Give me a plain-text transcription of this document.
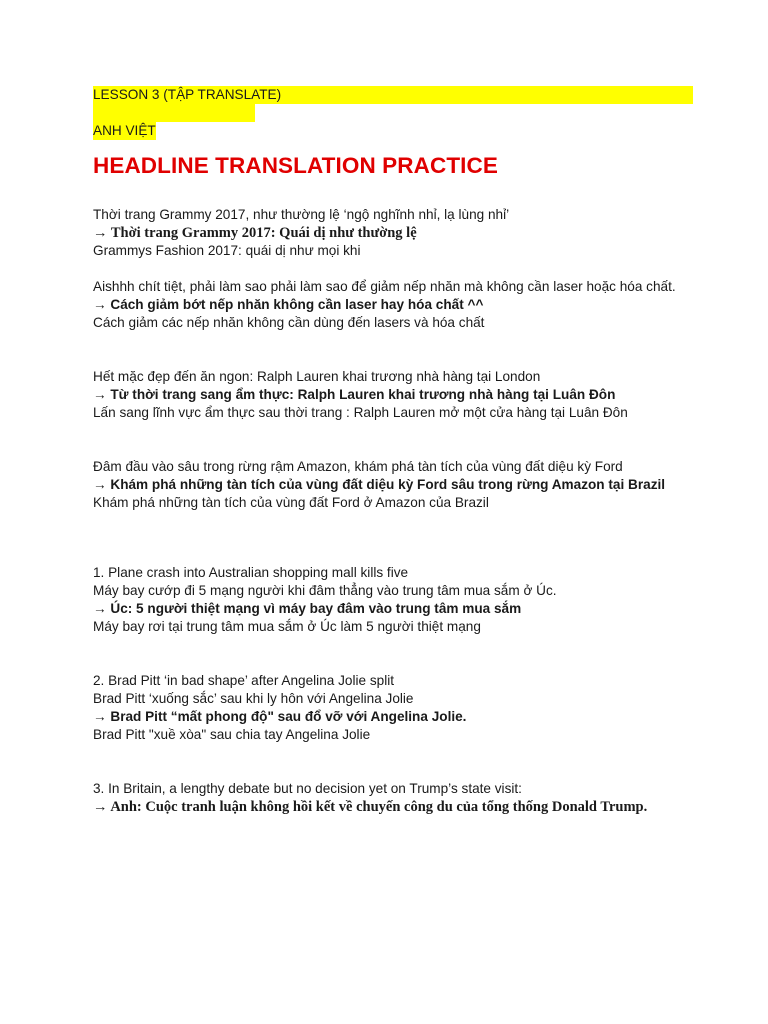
LESSON 3 (TẬP TRANSLATE)
ANH VIỆT
HEADLINE TRANSLATION PRACTICE
Thời trang Grammy 2017, như thường lệ ‘ngộ nghĩnh nhỉ, lạ lùng nhỉ’
→ Thời trang Grammy 2017: Quái dị như thường lệ
Grammys Fashion 2017: quái dị như mọi khi
Aishhh chít tiệt, phải làm sao phải làm sao để giảm nếp nhăn mà không cần laser hoặc hóa chất.
→ Cách giảm bớt nếp nhăn không cần laser hay hóa chất ^^
Cách giảm các nếp nhăn không cần dùng đến lasers và hóa chất
Hết mặc đẹp đến ăn ngon: Ralph Lauren khai trương nhà hàng tại London
→ Từ thời trang sang ẩm thực: Ralph Lauren khai trương nhà hàng tại Luân Đôn
Lấn sang lĩnh vực ẩm thực sau thời trang : Ralph Lauren mở một cửa hàng tại Luân Đôn
Đâm đầu vào sâu trong rừng rậm Amazon, khám phá tàn tích của vùng đất diệu kỳ Ford
→ Khám phá những tàn tích của vùng đất diệu kỳ Ford sâu trong rừng Amazon tại Brazil
Khám phá những tàn tích của vùng đất Ford ở Amazon của Brazil
1. Plane crash into Australian shopping mall kills five
Máy bay cướp đi 5 mạng người khi đâm thẳng vào trung tâm mua sắm ở Úc.
→ Úc: 5 người thiệt mạng vì máy bay đâm vào trung tâm mua sắm
Máy bay rơi tại trung tâm mua sắm ở Úc làm 5 người thiệt mạng
2. Brad Pitt ‘in bad shape’ after Angelina Jolie split
Brad Pitt ‘xuống sắc’ sau khi ly hôn với Angelina Jolie
→ Brad Pitt “mất phong độ" sau đổ vỡ với Angelina Jolie.
Brad Pitt "xuề xòa" sau chia tay Angelina Jolie
3. In Britain, a lengthy debate but no decision yet on Trump’s state visit:
→ Anh: Cuộc tranh luận không hồi kết về chuyến công du của tổng thống Donald Trump.
